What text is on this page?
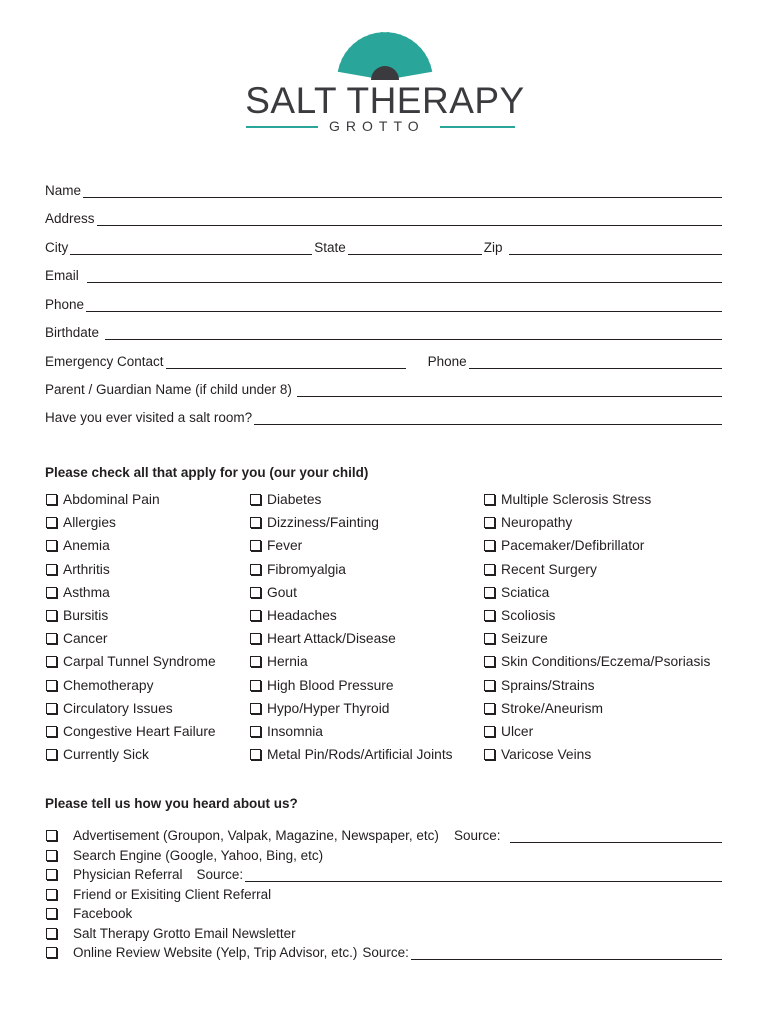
SALT THERAPY
GROTTO
Name
Address
City	State	Zip
Email
Phone
Birthdate
Emergency Contact	Phone
Parent / Guardian Name (if child under 8)
Have you ever visited a salt room?
Please check all that apply for you (our your child)
Abdominal Pain
Allergies
Anemia
Arthritis
Asthma
Bursitis
Cancer
Carpal Tunnel Syndrome
Chemotherapy
Circulatory Issues
Congestive Heart Failure
Currently Sick
Diabetes
Dizziness/Fainting
Fever
Fibromyalgia
Gout
Headaches
Heart Attack/Disease
Hernia
High Blood Pressure
Hypo/Hyper Thyroid
Insomnia
Metal Pin/Rods/Artificial Joints
Multiple Sclerosis Stress
Neuropathy
Pacemaker/Defibrillator
Recent Surgery
Sciatica
Scoliosis
Seizure
Skin Conditions/Eczema/Psoriasis
Sprains/Strains
Stroke/Aneurism
Ulcer
Varicose Veins
Please tell us how you heard about us?
Advertisement (Groupon, Valpak, Magazine, Newspaper, etc) Source:
Search Engine (Google, Yahoo, Bing, etc)
Physician Referral Source:
Friend or Exisiting Client Referral
Facebook
Salt Therapy Grotto Email Newsletter
Online Review Website (Yelp, Trip Advisor, etc.) Source:
